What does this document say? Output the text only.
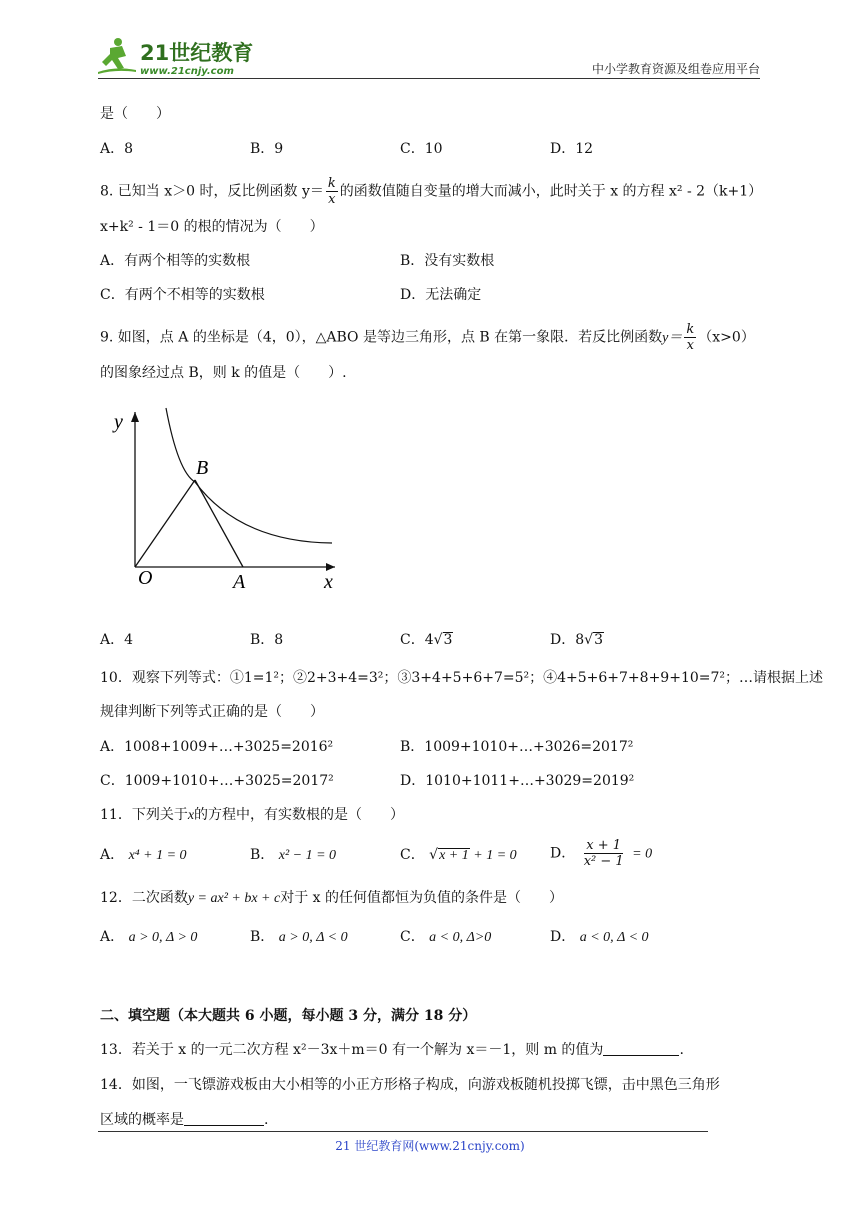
21世纪教育
www.21cnjy.com	中小学教育资源及组卷应用平台
是（　　）
A．8	B．9	C．10	D．12
8. 已知当 x＞0 时，反比例函数 $y= \frac{k}{x}$ 的函数值随自变量的增大而减小，此时关于 x 的方程 x² ‑ 2（k+1）
x+k² ‑ 1＝0 的根的情况为（　　）
A．有两个相等的实数根	B．没有实数根
C．有两个不相等的实数根	D．无法确定
9. 如图，点 A 的坐标是（4，0），△ABO 是等边三角形，点 B 在第一象限．若反比例函数$y= \frac{k}{x} (x>0)$
的图象经过点 B，则 k 的值是（　　）.
y
x
O	A
B
A．4	B．8	C．4√3	D．8√3
10．观察下列等式：①1=1²；②2+3+4=3²；③3+4+5+6+7=5²；④4+5+6+7+8+9+10=7²；…请根据上述
规律判断下列等式正确的是（　　）
A．1008+1009+…+3025=2016²	B．1009+1010+…+3026=2017²
C．1009+1010+…+3025=2017²	D．1010+1011+…+3029=2019²
11．下列关于x的方程中，有实数根的是（　　）
A． x⁴ + 1 = 0	B． x² − 1 = 0	C． √x + 1 + 1 = 0 D． $\frac{x + 1}{\text{x² − 1}} = 0$
12．二次函数y = ax² + bx + c对于 x 的任何值都恒为负值的条件是（　　）
A． a > 0, Δ > 0	B． a > 0, Δ < 0	C． a < 0, Δ>0	D． a < 0, Δ < 0
二、填空题（本大题共 6 小题，每小题 3 分，满分 18 分）
13．若关于 x 的一元二次方程 x²－3x＋m＝0 有一个解为 x＝－1，则 m 的值为	.
14．如图，一飞镖游戏板由大小相等的小正方形格子构成，向游戏板随机投掷飞镖，击中黑色三角形
区域的概率是	.
21 世纪教育网(www.21cnjy.com)
